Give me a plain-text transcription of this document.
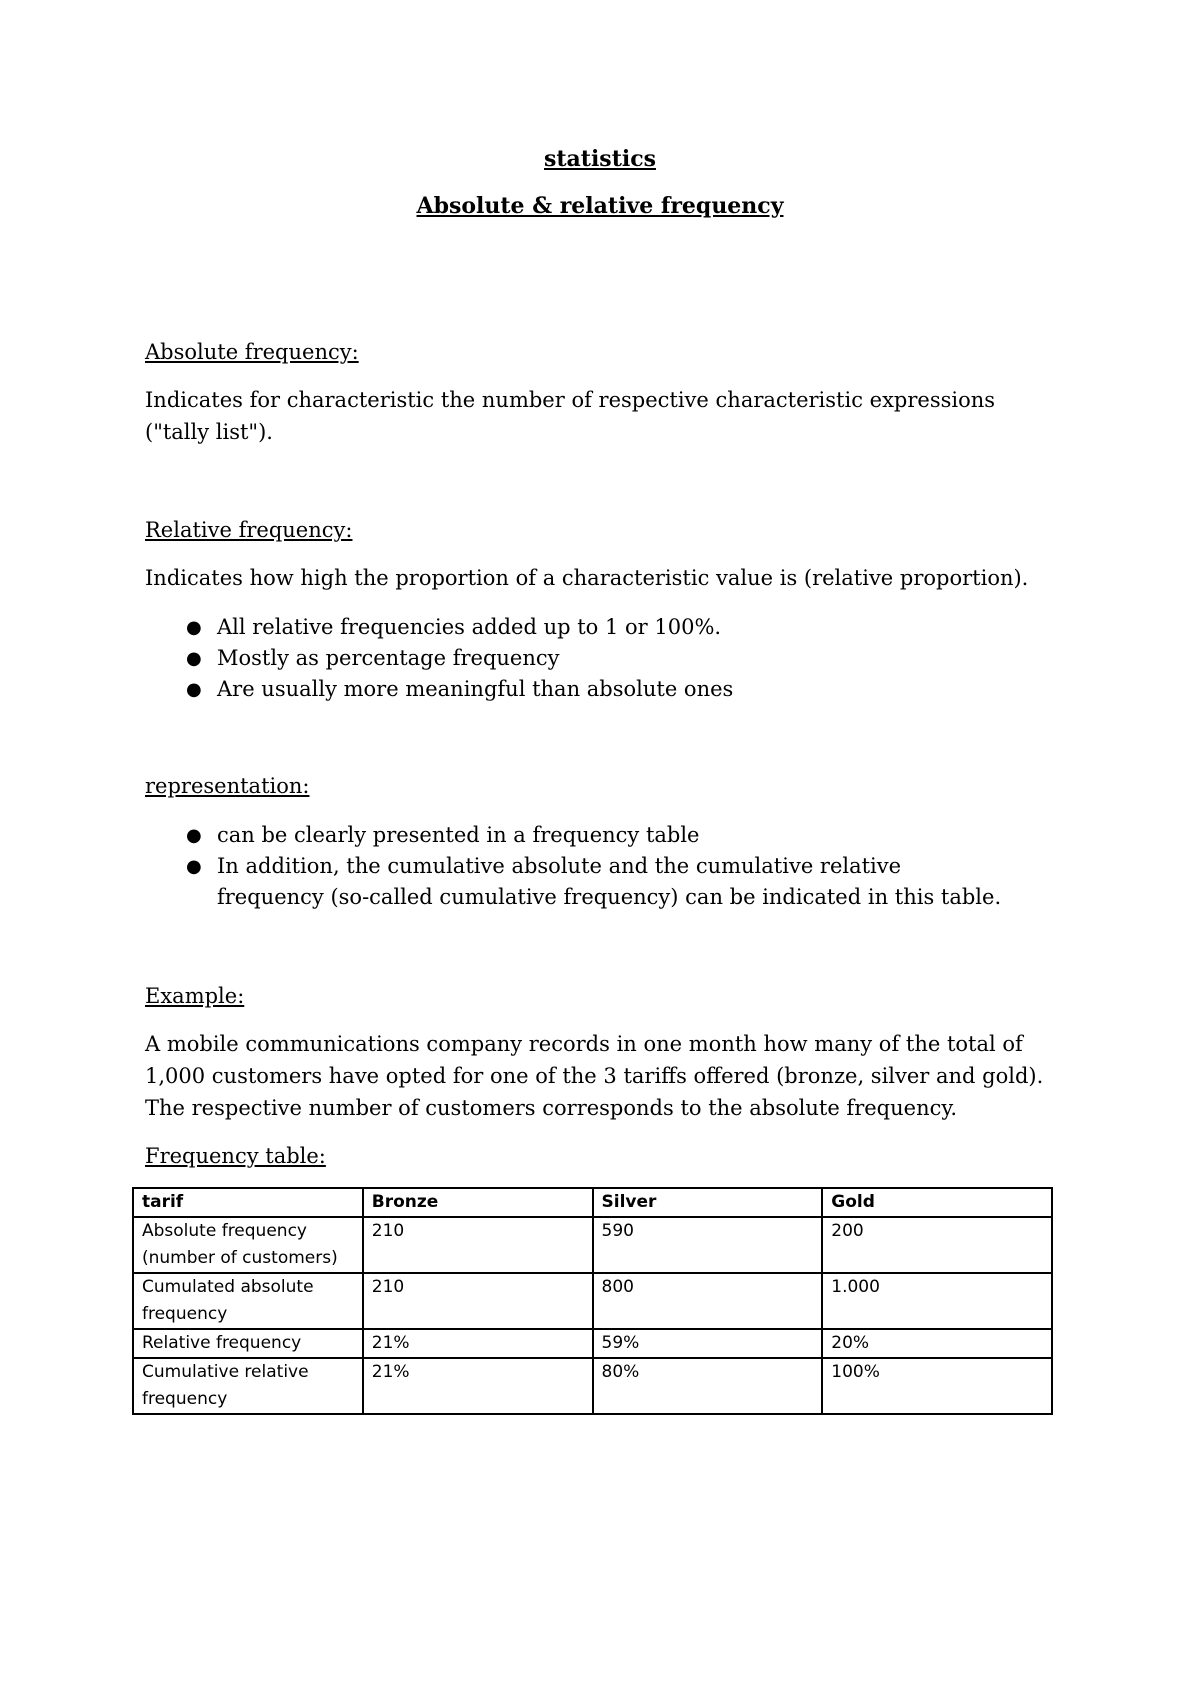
statistics
Absolute & relative frequency
Absolute frequency:
Indicates for characteristic the number of respective characteristic expressions ("tally list").
Relative frequency:
Indicates how high the proportion of a characteristic value is (relative proportion).
● All relative frequencies added up to 1 or 100%.
● Mostly as percentage frequency
● Are usually more meaningful than absolute ones
representation:
● can be clearly presented in a frequency table
● In addition, the cumulative absolute and the cumulative relative frequency (so-called cumulative frequency) can be indicated in this table.
Example:
A mobile communications company records in one month how many of the total of 1,000 customers have opted for one of the 3 tariffs offered (bronze, silver and gold). The respective number of customers corresponds to the absolute frequency.
Frequency table:
tarif	Bronze	Silver	Gold
Absolute frequency (number of customers)	210	590	200
Cumulated absolute frequency	210	800	1.000
Relative frequency	21%	59%	20%
Cumulative relative frequency	21%	80%	100%
